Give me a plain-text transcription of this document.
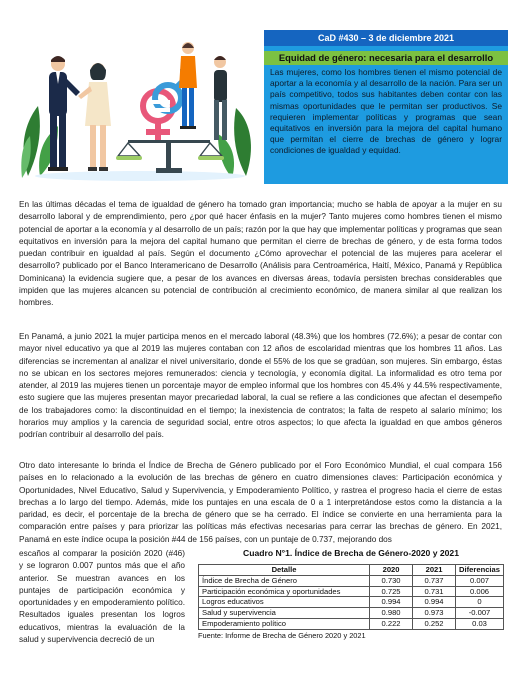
CaD #430 – 3 de diciembre 2021
Equidad de género: necesaria para el desarrollo
Las mujeres, como los hombres tienen el mismo potencial de aportar a la economía y al desarrollo de la nación. Para ser un país competitivo, todos sus habitantes deben contar con las mismas oportunidades que le permitan ser productivos. Se requieren implementar políticas y programas que sean equitativos en inversión para la mejora del capital humano que permitan el cierre de brechas de género y lograr condiciones de igualdad y equidad.

En las últimas décadas el tema de igualdad de género ha tomado gran importancia; mucho se habla de apoyar a la mujer en su desarrollo laboral y de emprendimiento, pero ¿por qué hacer énfasis en la mujer? Tanto mujeres como hombres tienen el mismo potencial de aportar a la economía y al desarrollo de un país; razón por la que hay que implementar políticas y programas que sean equitativos en inversión para la mejora del capital humano que permitan el cierre de brechas de género, y de esta forma todos puedan contribuir en igualdad al país. Según el documento ¿Cómo aprovechar el potencial de las mujeres para acelerar el desarrollo? publicado por el Banco Interamericano de Desarrollo (Análisis para Centroamérica, Haití, México, Panamá y República Dominicana) la evidencia sugiere que, a pesar de los avances en diversas áreas, todavía persisten brechas considerables que impiden que las mujeres alcancen su potencial de contribución al crecimiento económico, de manera similar al que realizan los hombres.

En Panamá, a junio 2021 la mujer participa menos en el mercado laboral (48.3%) que los hombres (72.6%); a pesar de contar con mayor nivel educativo ya que al 2019 las mujeres contaban con 12 años de escolaridad mientras que los hombres 11 años. Las diferencias se incrementan al analizar el nivel universitario, donde el 55% de los que se gradúan, son mujeres. Sin embargo, éstas no se ubican en los sectores mejores remunerados: ciencia y tecnología, y economía digital. La informalidad es otro tema por atender, al 2019 las mujeres tienen un porcentaje mayor de empleo informal que los hombres con 45.4% y 44.5% respectivamente, esto sugiere que las mujeres presentan mayor precariedad laboral, la cual se refiere a las condiciones que afectan el desempeño de los trabajadores como: la discontinuidad en el tiempo; la inexistencia de contratos; la falta de respeto al salario mínimo; los horarios muy amplios y la carencia de seguridad social, entre otros aspectos; lo que afecta la igualdad en que ambos géneros podrían contribuir al desarrollo del país.

Otro dato interesante lo brinda el Índice de Brecha de Género publicado por el Foro Económico Mundial, el cual compara 156 países en lo relacionado a la evolución de las brechas de género en cuatro dimensiones claves: Participación económica y Oportunidades, Nivel Educativo, Salud y Supervivencia, y Empoderamiento Político, y rastrea el progreso hacia el cierre de estas brechas a lo largo del tiempo. Además, mide los puntajes en una escala de 0 a 1 interpretándose estos como la distancia a la paridad, es decir, el porcentaje de la brecha de género que se ha cerrado. El índice se convierte en una herramienta para la comparación entre países y para priorizar las políticas más efectivas necesarias para cerrar las brechas de género. En 2021, Panamá en este índice ocupa la posición #44 de 156 países, con un puntaje de 0.737, mejorando dos

escaños al comparar la posición 2020 (#46) y se lograron 0.007 puntos más que el año anterior. Se muestran avances en los puntajes de participación económica y oportunidades y en empoderamiento político. Resultados iguales presentan los logros educativos, mientras la evaluación de la salud y supervivencia decreció de un

Cuadro N°1. Índice de Brecha de Género-2020 y 2021
Detalle	2020	2021	Diferencias
Índice de Brecha de Género	0.730	0.737	0.007
Participación económica y oportunidades	0.725	0.731	0.006
Logros educativos	0.994	0.994	0
Salud y supervivencia	0.980	0.973	-0.007
Empoderamiento político	0.222	0.252	0.03
Fuente: Informe de Brecha de Género 2020 y 2021
